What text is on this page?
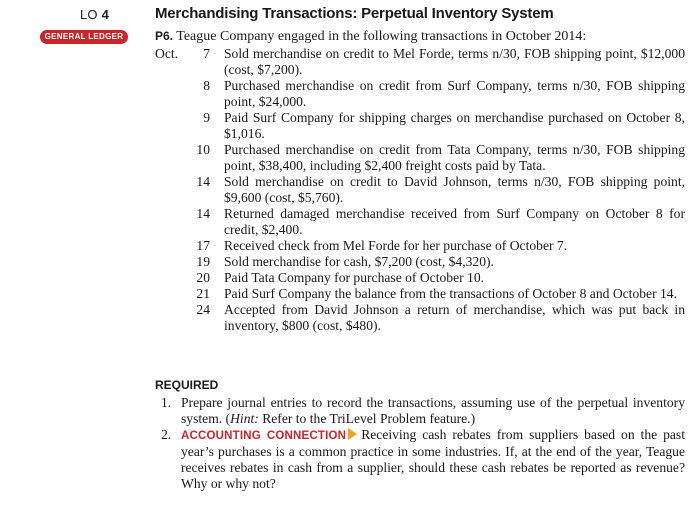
LO 4
GENERAL LEDGER
Merchandising Transactions: Perpetual Inventory System
P6. Teague Company engaged in the following transactions in October 2014:
Oct.	7 Sold merchandise on credit to Mel Forde, terms n/30, FOB shipping point, $12,000 (cost, $7,200).
8 Purchased merchandise on credit from Surf Company, terms n/30, FOB shipping point, $24,000.
9 Paid Surf Company for shipping charges on merchandise purchased on October 8, $1,016.
10 Purchased merchandise on credit from Tata Company, terms n/30, FOB shipping point, $38,400, including $2,400 freight costs paid by Tata.
14 Sold merchandise on credit to David Johnson, terms n/30, FOB shipping point, $9,600 (cost, $5,760).
14 Returned damaged merchandise received from Surf Company on October 8 for credit, $2,400.
17 Received check from Mel Forde for her purchase of October 7.
19 Sold merchandise for cash, $7,200 (cost, $4,320).
20 Paid Tata Company for purchase of October 10.
21 Paid Surf Company the balance from the transactions of October 8 and October 14.
24 Accepted from David Johnson a return of merchandise, which was put back in inventory, $800 (cost, $480).
REQUIRED
1. Prepare journal entries to record the transactions, assuming use of the perpetual inventory system. (Hint: Refer to the TriLevel Problem feature.)
2. ACCOUNTING CONNECTION Receiving cash rebates from suppliers based on the past year’s purchases is a common practice in some industries. If, at the end of the year, Teague receives rebates in cash from a supplier, should these cash rebates be reported as revenue? Why or why not?
